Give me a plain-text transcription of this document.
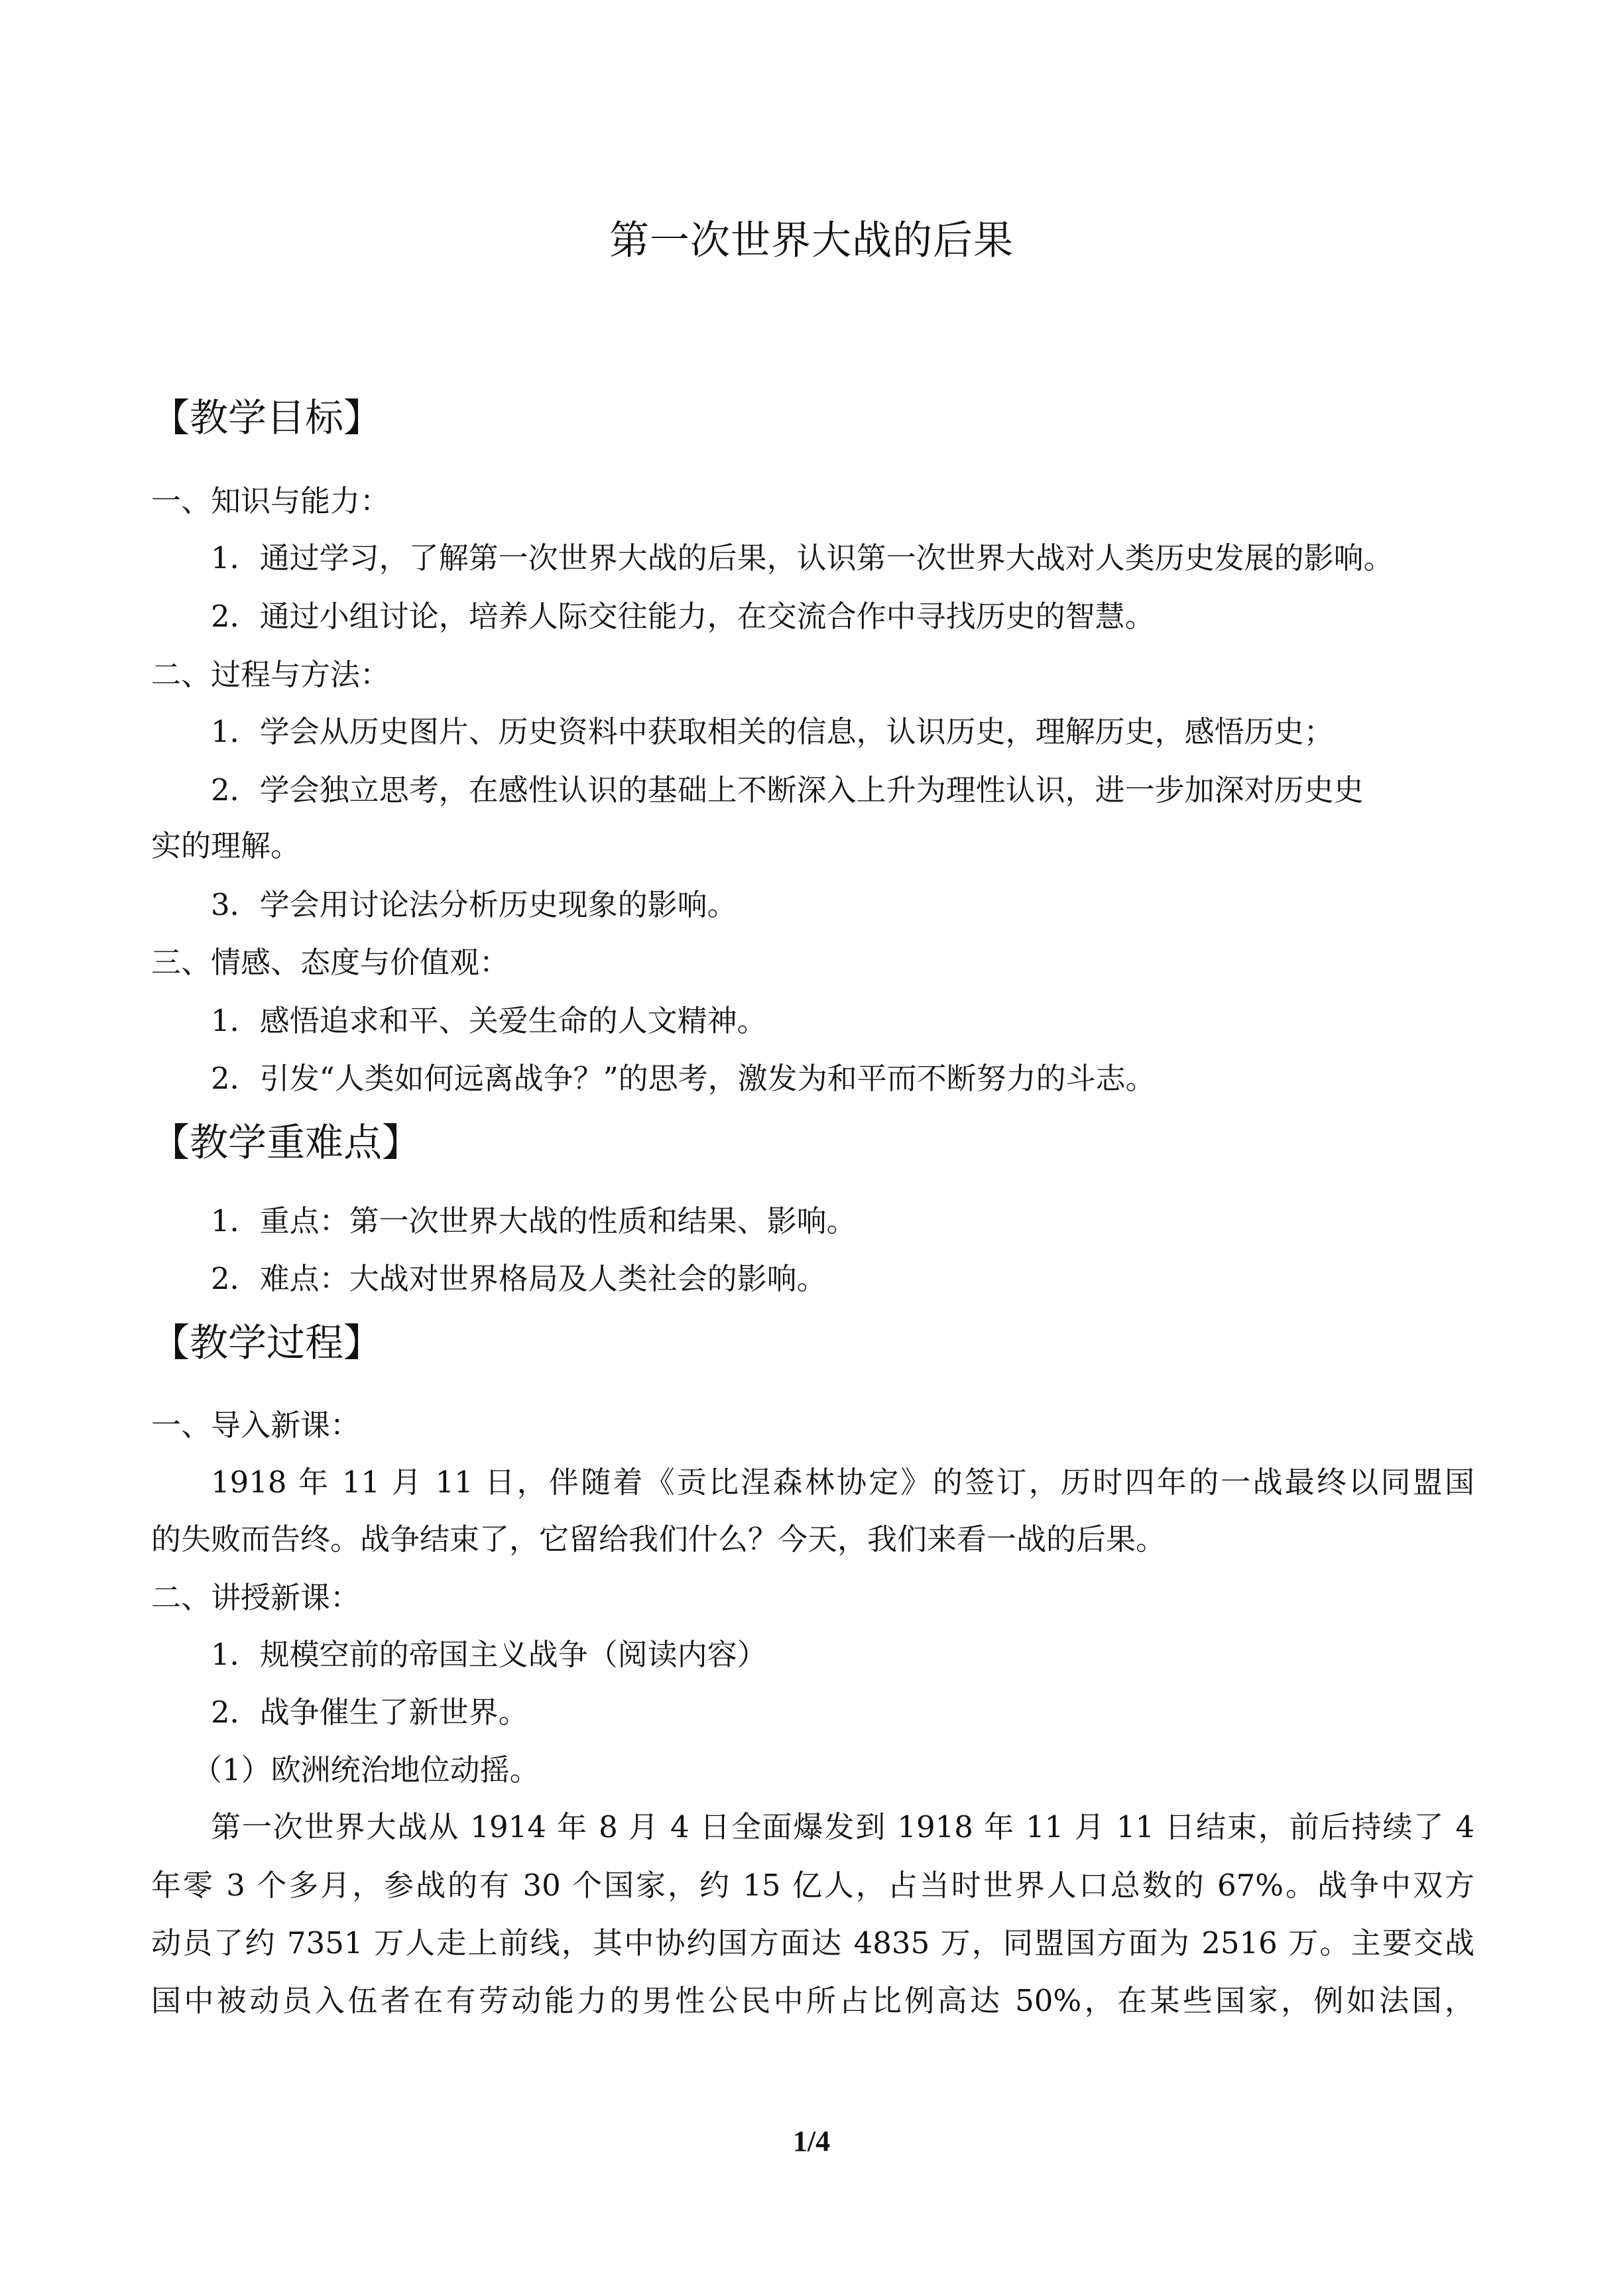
第一次世界大战的后果
【教学目标】
一、知识与能力：
1．通过学习，了解第一次世界大战的后果，认识第一次世界大战对人类历史发展的影响。
2．通过小组讨论，培养人际交往能力，在交流合作中寻找历史的智慧。
二、过程与方法：
1．学会从历史图片、历史资料中获取相关的信息，认识历史，理解历史，感悟历史；
2．学会独立思考，在感性认识的基础上不断深入上升为理性认识，进一步加深对历史史
实的理解。
3．学会用讨论法分析历史现象的影响。
三、情感、态度与价值观：
1．感悟追求和平、关爱生命的人文精神。
2．引发“人类如何远离战争？”的思考，激发为和平而不断努力的斗志。
【教学重难点】
1．重点：第一次世界大战的性质和结果、影响。
2．难点：大战对世界格局及人类社会的影响。
【教学过程】
一、导入新课：
1918 年 11 月 11 日，伴随着《贡比涅森林协定》的签订，历时四年的一战最终以同盟国
的失败而告终。战争结束了，它留给我们什么？今天，我们来看一战的后果。
二、讲授新课：
1．规模空前的帝国主义战争（阅读内容）
2．战争催生了新世界。
（1）欧洲统治地位动摇。
第一次世界大战从 1914 年 8 月 4 日全面爆发到 1918 年 11 月 11 日结束，前后持续了 4
年零 3 个多月，参战的有 30 个国家，约 15 亿人，占当时世界人口总数的 67%。战争中双方
动员了约 7351 万人走上前线，其中协约国方面达 4835 万，同盟国方面为 2516 万。主要交战
国中被动员入伍者在有劳动能力的男性公民中所占比例高达 50%，在某些国家，例如法国，
1/4
